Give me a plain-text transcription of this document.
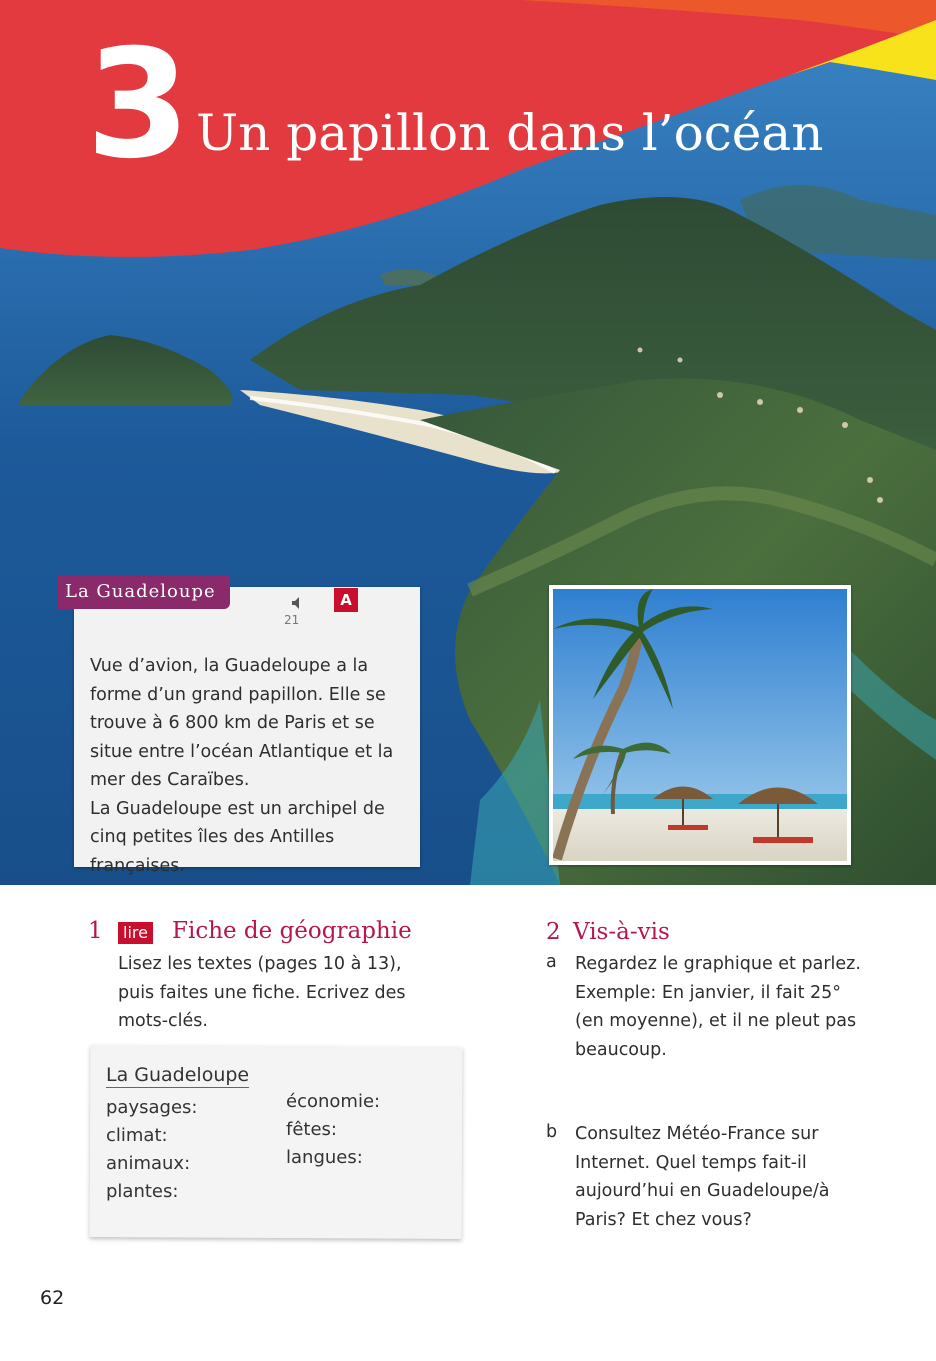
3 Un papillon dans l’océan
La Guadeloupe
21
A

Vue d’avion, la Guadeloupe a la forme d’un grand papillon. Elle se trouve à 6 800 km de Paris et se situe entre l’océan Atlantique et la mer des Caraïbes.

La Guadeloupe est un archipel de cinq petites îles des Antilles françaises.

1	lire Fiche de géographie

Lisez les textes (pages 10 à 13), puis faites une fiche. Ecrivez des mots-clés.

La Guadeloupe
paysages:
climat:
animaux:
plantes:
économie:
fêtes:
langues:
2 Vis-à-vis
a Regardez le graphique et parlez.

Exemple: En janvier, il fait 25° (en moyenne), et il ne pleut pas beaucoup.

b Consultez Météo-France sur Internet. Quel temps fait-il aujourd’hui en Guadeloupe/à Paris? Et chez vous?

62
